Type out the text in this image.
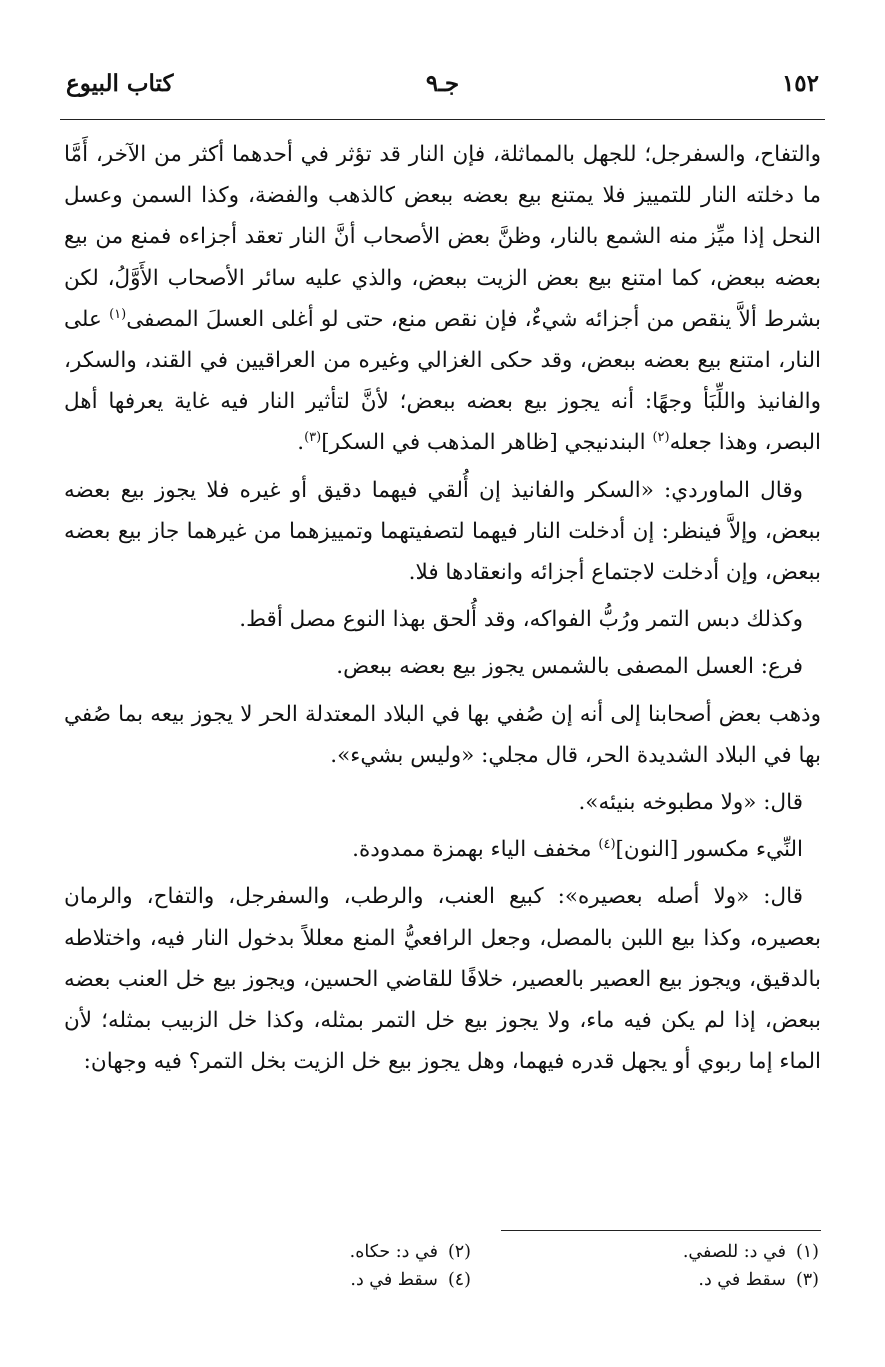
١٥٢
جـ٩
كتاب البيوع

والتفاح، والسفرجل؛ للجهل بالمماثلة، فإن النار قد تؤثر في أحدهما أكثر من الآخر، أَمَّا ما دخلته النار للتمييز فلا يمتنع بيع بعضه ببعض كالذهب والفضة، وكذا السمن وعسل النحل إذا ميِّز منه الشمع بالنار، وظنَّ بعض الأصحاب أنَّ النار تعقد أجزاءه فمنع من بيع بعضه ببعض، كما امتنع بيع بعض الزيت ببعض، والذي عليه سائر الأصحاب الأَوَّلُ، لكن بشرط ألاَّ ينقص من أجزائه شيءٌ، فإن نقص منع، حتى لو أغلى العسلَ المصفى$^{(١)}$ على النار، امتنع بيع بعضه ببعض، وقد حكى الغزالي وغيره من العراقيين في القند، والسكر، والفانيذ واللِّبَأ وجهًا: أنه يجوز بيع بعضه ببعض؛ لأنَّ لتأثير النار فيه غاية يعرفها أهل البصر، وهذا جعله$^{(٢)}$ البندنيجي [ظاهر المذهب في السكر]$^{(٣)}$.

وقال الماوردي: «السكر والفانيذ إن أُلقي فيهما دقيق أو غيره فلا يجوز بيع بعضه ببعض، وإلاَّ فينظر: إن أدخلت النار فيهما لتصفيتهما وتمييزهما من غيرهما جاز بيع بعضه ببعض، وإن أدخلت لاجتماع أجزائه وانعقادها فلا.

وكذلك دبس التمر ورُبُّ الفواكه، وقد أُلحق بهذا النوع مصل أقط.

فرع: العسل المصفى بالشمس يجوز بيع بعضه ببعض.

وذهب بعض أصحابنا إلى أنه إن صُفي بها في البلاد المعتدلة الحر لا يجوز بيعه بما صُفي بها في البلاد الشديدة الحر، قال مجلي: «وليس بشيء».

قال: «ولا مطبوخه بنيئه».

النِّيء مكسور [النون]$^{(٤)}$ مخفف الياء بهمزة ممدودة.

قال: «ولا أصله بعصيره»: كبيع العنب، والرطب، والسفرجل، والتفاح، والرمان بعصيره، وكذا بيع اللبن بالمصل، وجعل الرافعيُّ المنع معللاً بدخول النار فيه، واختلاطه بالدقيق، ويجوز بيع العصير بالعصير، خلافًا للقاضي الحسين، ويجوز بيع خل العنب بعضه ببعض، إذا لم يكن فيه ماء، ولا يجوز بيع خل التمر بمثله، وكذا خل الزبيب بمثله؛ لأن الماء إما ربوي أو يجهل قدره فيهما، وهل يجوز بيع خل الزيت بخل التمر؟ فيه وجهان:

(١)في د: للصفي.
(٢)في د: حكاه.
(٣)سقط في د.
(٤)سقط في د.
